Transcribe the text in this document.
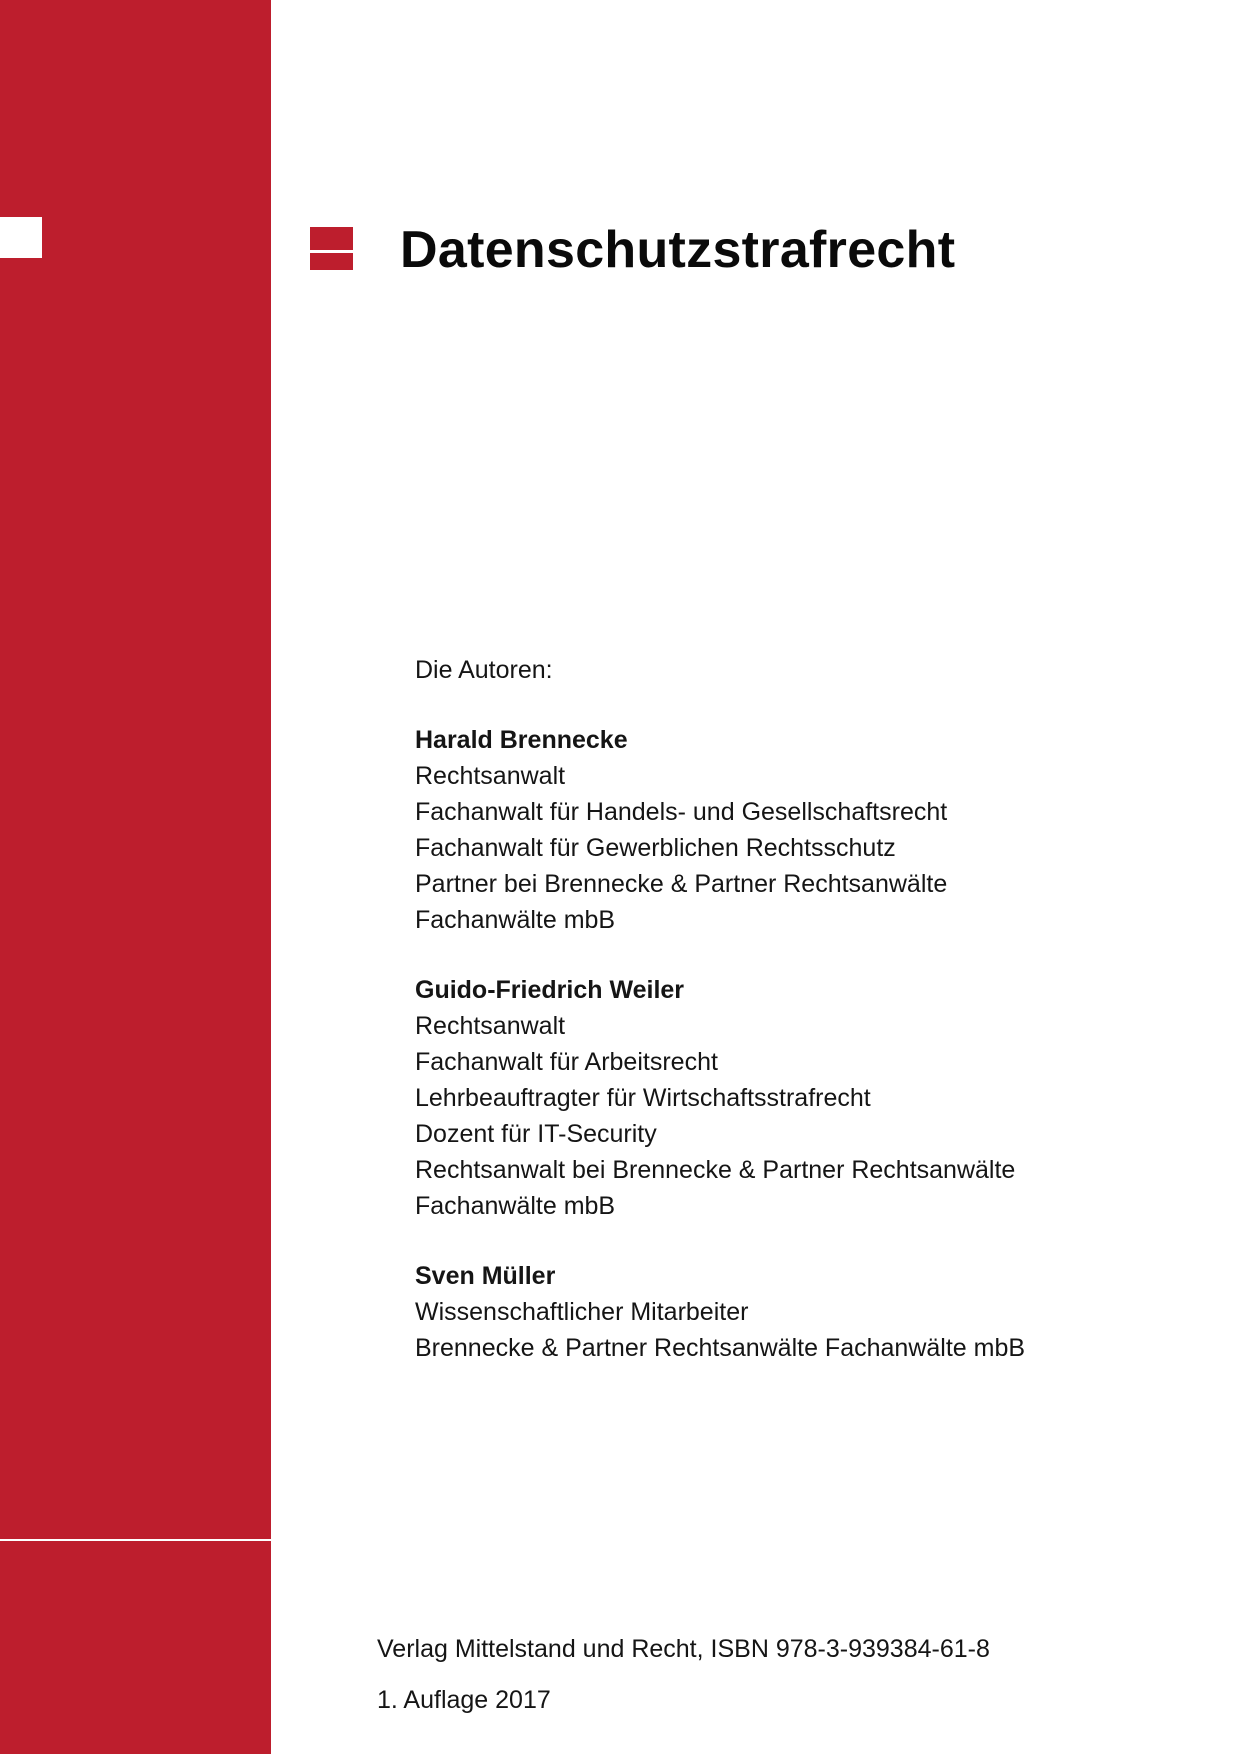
Datenschutzstrafrecht

Die Autoren:

Harald Brennecke

Rechtsanwalt

Fachanwalt für Handels- und Gesellschaftsrecht

Fachanwalt für Gewerblichen Rechtsschutz

Partner bei Brennecke & Partner Rechtsanwälte

Fachanwälte mbB

Guido-Friedrich Weiler

Rechtsanwalt

Fachanwalt für Arbeitsrecht

Lehrbeauftragter für Wirtschaftsstrafrecht

Dozent für IT-Security

Rechtsanwalt bei Brennecke & Partner Rechtsanwälte

Fachanwälte mbB

Sven Müller

Wissenschaftlicher Mitarbeiter

Brennecke & Partner Rechtsanwälte Fachanwälte mbB

Verlag Mittelstand und Recht, ISBN 978-3-939384-61-8
1. Auflage 2017
